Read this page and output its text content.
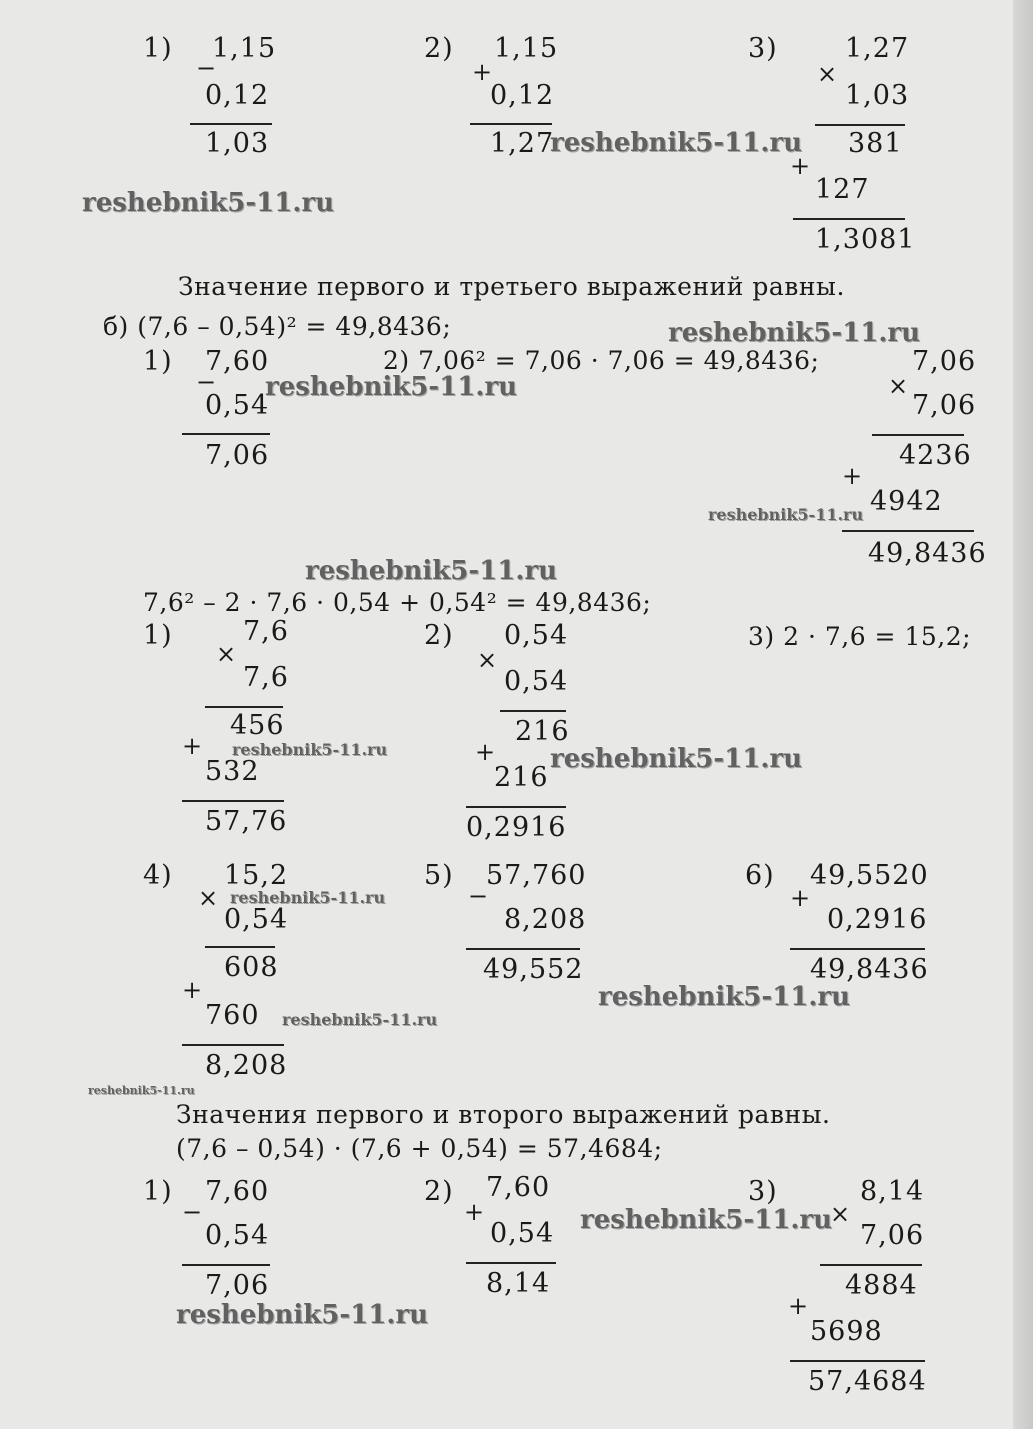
1)
−
1,15
0,12
1,03
2)
+
1,15
0,12
1,27
3)
×
1,27
1,03
381
+
127
1,3081
Значение первого и третьего выражений равны.
б) (7,6 – 0,54)² = 49,8436;
1)
−
7,60
0,54
7,06
2) 7,06² = 7,06 · 7,06 = 49,8436;
×
7,06
7,06
4236
+
4942
49,8436
7,6² – 2 · 7,6 · 0,54 + 0,54² = 49,8436;
1)
×
7,6
7,6
456
+
532
57,76
2)
×
0,54
0,54
216
+
216
0,2916
3) 2 · 7,6 = 15,2;
4)
×
15,2
0,54
608
+
760
8,208
5)
−
57,760
8,208
49,552
6)
+
49,5520
0,2916
49,8436
Значения первого и второго выражений равны.
(7,6 – 0,54) · (7,6 + 0,54) = 57,4684;
1)
−
7,60
0,54
7,06
2)
+
7,60
0,54
8,14
3)
×
8,14
7,06
4884
+
5698
57,4684
reshebnik5-11.ru
reshebnik5-11.ru
reshebnik5-11.ru
reshebnik5-11.ru
reshebnik5-11.ru
reshebnik5-11.ru
reshebnik5-11.ru	reshebnik5-11.ru
reshebnik5-11.ru
reshebnik5-11.ru
reshebnik5-11.ru
reshebnik5-11.ru
reshebnik5-11.ru
reshebnik5-11.ru
